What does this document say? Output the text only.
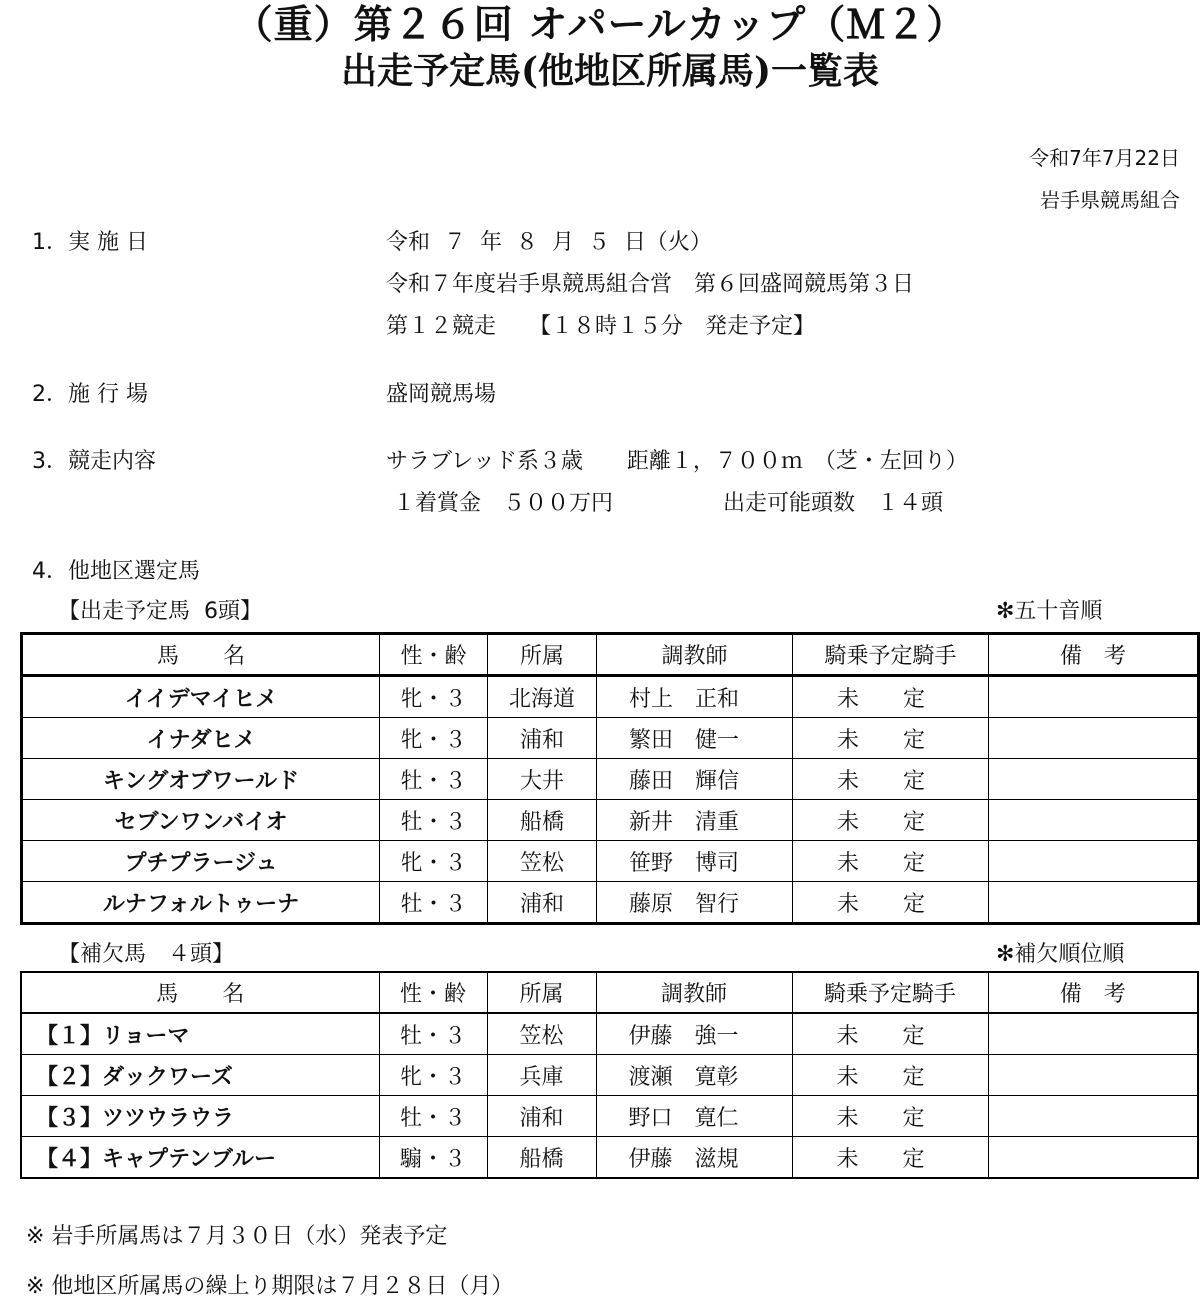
（重）第２６回 オパールカップ（Ｍ２）
出走予定馬(他地区所属馬)一覧表
令和7年7月22日
岩手県競馬組合
1．実 施 日	令和  ７  年  ８  月  ５  日（火）
令和７年度岩手県競馬組合営　第６回盛岡競馬第３日
第１２競走　　【１８時１５分　発走予定】
2．施 行 場	盛岡競馬場
3．競走内容	サラブレッド系３歳　　距離１，７００ｍ　（芝・左回り）
１着賞金　５００万円　　　　　出走可能頭数　１４頭
4．他地区選定馬
【出走予定馬  6頭】	✻五十音順
馬　　名	性・齢	所属	調教師	騎乗予定騎手	備　考
イイデマイヒメ	牝・３	北海道	村上　正和	未　　定	
イナダヒメ	牝・３	浦和	繁田　健一	未　　定	
キングオブワールド	牡・３	大井	藤田　輝信	未　　定	
セブンワンバイオ	牡・３	船橋	新井　清重	未　　定	
プチプラージュ	牝・３	笠松	笹野　博司	未　　定	
ルナフォルトゥーナ	牡・３	浦和	藤原　智行	未　　定	
【補欠馬　４頭】	✻補欠順位順
馬　　名	性・齢	所属	調教師	騎乗予定騎手	備　考
【１】リョーマ	牡・３	笠松	伊藤　強一	未　　定	
【２】ダックワーズ	牝・３	兵庫	渡瀬　寛彰	未　　定	
【３】ツツウラウラ	牡・３	浦和	野口　寛仁	未　　定	
【４】キャプテンブルー	騸・３	船橋	伊藤　滋規	未　　定	
※ 岩手所属馬は７月３０日（水）発表予定
※ 他地区所属馬の繰上り期限は７月２８日（月）
